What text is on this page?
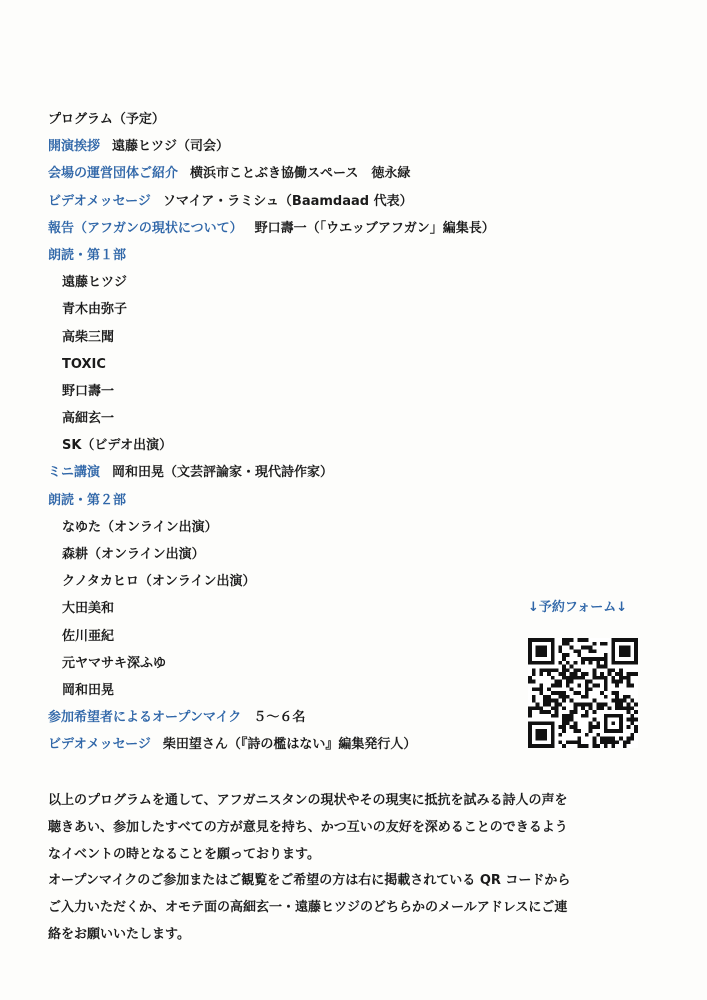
プログラム（予定）
開演挨拶 遠藤ヒツジ（司会）
会場の運営団体ご紹介 横浜市ことぶき協働スペース　徳永緑
ビデオメッセージ ソマイア・ラミシュ（Baamdaad 代表）
報告（アフガンの現状について） 野口壽一（「ウエッブアフガン」編集長）
朗読・第１部
遠藤ヒツジ
青木由弥子
高柴三聞
TOXIC
野口壽一
高細玄一
SK（ビデオ出演）
ミニ講演 岡和田晃（文芸評論家・現代詩作家）
朗読・第２部
なゆた（オンライン出演）
森耕（オンライン出演）
クノタカヒロ（オンライン出演）
大田美和
佐川亜紀
元ヤマサキ深ふゆ
岡和田晃
参加希望者によるオープンマイク ５～６名
ビデオメッセージ 柴田望さん（『詩の檻はない』編集発行人）
↓予約フォーム↓
以上のプログラムを通して、アフガニスタンの現状やその現実に抵抗を試みる詩人の声を
聴きあい、参加したすべての方が意見を持ち、かつ互いの友好を深めることのできるよう
なイベントの時となることを願っております。
オープンマイクのご参加またはご観覧をご希望の方は右に掲載されている QR コードから
ご入力いただくか、オモテ面の高細玄一・遠藤ヒツジのどちらかのメールアドレスにご連
絡をお願いいたします。
